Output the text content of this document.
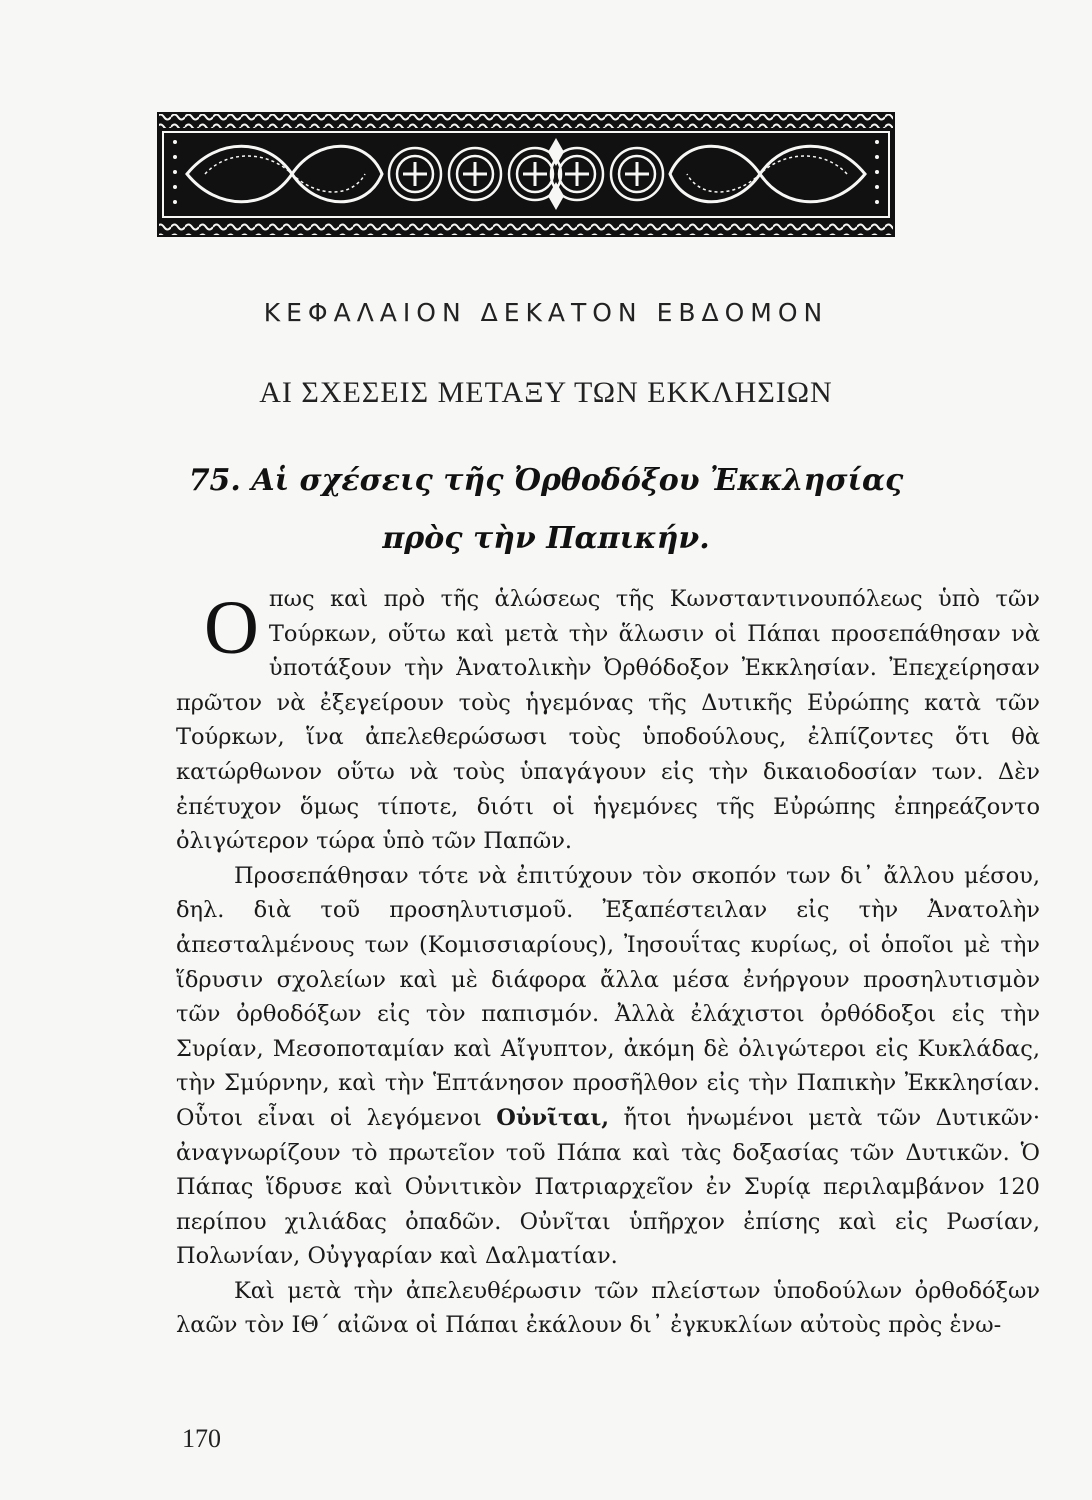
ΚΕΦΑΛΑΙΟΝ ΔΕΚΑΤΟΝ ΕΒΔΟΜΟΝ
ΑΙ ΣΧΕΣΕΙΣ ΜΕΤΑΞΥ ΤΩΝ ΕΚΚΛΗΣΙΩΝ
75. Αἱ σχέσεις τῆς Ὀρθοδόξου Ἐκκλησίας
πρὸς τὴν Παπικήν.

Οπως καὶ πρὸ τῆς ἁλώσεως τῆς Κωνσταντινουπόλεως ὑπὸ τῶν Τούρκων, οὕτω καὶ μετὰ τὴν ἅλωσιν οἱ Πάπαι προσεπάθησαν νὰ ὑποτάξουν τὴν Ἀνατολικὴν Ὀρθόδοξον Ἐκκλησίαν. Ἐπεχείρησαν πρῶτον νὰ ἐξεγείρουν τοὺς ἡγεμόνας τῆς Δυτικῆς Εὐρώπης κατὰ τῶν Τούρκων, ἵνα ἀπελεθερώσωσι τοὺς ὑποδούλους, ἐλπίζοντες ὅτι θὰ κατώρθωνον οὕτω νὰ τοὺς ὑπαγάγουν εἰς τὴν δικαιοδοσίαν των. Δὲν ἐπέτυχον ὅμως τίποτε, διότι οἱ ἡγεμόνες τῆς Εὐρώπης ἐπηρεάζοντο ὀλιγώτερον τώρα ὑπὸ τῶν Παπῶν.

Προσεπάθησαν τότε νὰ ἐπιτύχουν τὸν σκοπόν των δι᾽ ἄλλου μέσου, δηλ. διὰ τοῦ προσηλυτισμοῦ. Ἐξαπέστειλαν εἰς τὴν Ἀνατολὴν ἀπεσταλμένους των (Κομισσιαρίους), Ἰησουΐτας κυρίως, οἱ ὁποῖοι μὲ τὴν ἵδρυσιν σχολείων καὶ μὲ διάφορα ἄλλα μέσα ἐνήργουν προσηλυτισμὸν τῶν ὀρθοδόξων εἰς τὸν παπισμόν. Ἀλλὰ ἐλάχιστοι ὀρθόδοξοι εἰς τὴν Συρίαν, Μεσοποταμίαν καὶ Αἴγυπτον, ἀκόμη δὲ ὀλιγώτεροι εἰς Κυκλάδας, τὴν Σμύρνην, καὶ τὴν Ἑπτάνησον προσῆλθον εἰς τὴν Παπικὴν Ἐκκλησίαν. Οὗτοι εἶναι οἱ λεγόμενοι Οὐνῖται, ἤτοι ἡνωμένοι μετὰ τῶν Δυτικῶν· ἀναγνωρίζουν τὸ πρωτεῖον τοῦ Πάπα καὶ τὰς δοξασίας τῶν Δυτικῶν. Ὁ Πάπας ἵδρυσε καὶ Οὐνιτικὸν Πατριαρχεῖον ἐν Συρίᾳ περιλαμβάνον 120 περίπου χιλιάδας ὀπαδῶν. Οὐνῖται ὑπῆρχον ἐπίσης καὶ εἰς Ρωσίαν, Πολωνίαν, Οὐγγαρίαν καὶ Δαλματίαν.

Καὶ μετὰ τὴν ἀπελευθέρωσιν τῶν πλείστων ὑποδούλων ὀρθοδόξων λαῶν τὸν ΙΘ´ αἰῶνα οἱ Πάπαι ἐκάλουν δι᾽ ἐγκυκλίων αὐτοὺς πρὸς ἑνω-

170
